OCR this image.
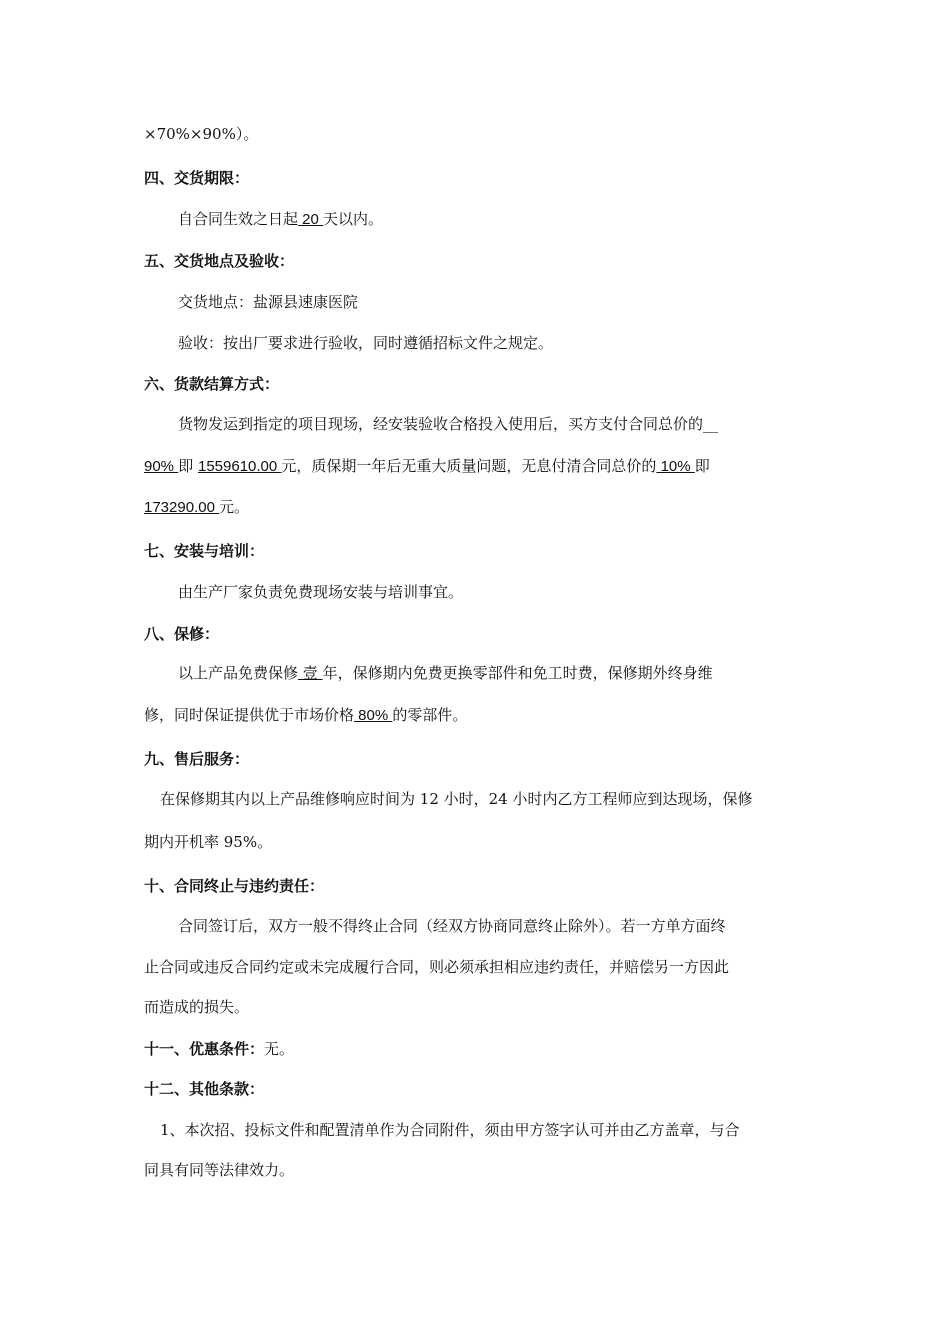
×70%×90%）。
四、交货期限：
自合同生效之日起 20 天以内。
五、交货地点及验收：
交货地点：盐源县速康医院
验收：按出厂要求进行验收，同时遵循招标文件之规定。
六、货款结算方式：
货物发运到指定的项目现场，经安装验收合格投入使用后，买方支付合同总价的__
90% 即 1559610.00 元，质保期一年后无重大质量问题，无息付清合同总价的 10% 即
173290.00 元。
七、安装与培训：
由生产厂家负责免费现场安装与培训事宜。
八、保修：
以上产品免费保修 壹 年，保修期内免费更换零部件和免工时费，保修期外终身维
修，同时保证提供优于市场价格 80% 的零部件。
九、售后服务：
在保修期其内以上产品维修响应时间为 12 小时，24 小时内乙方工程师应到达现场，保修
期内开机率 95%。
十、合同终止与违约责任：
合同签订后，双方一般不得终止合同（经双方协商同意终止除外）。若一方单方面终
止合同或违反合同约定或未完成履行合同，则必须承担相应违约责任，并赔偿另一方因此
而造成的损失。
十一、优惠条件：无。
十二、其他条款：
1、本次招、投标文件和配置清单作为合同附件，须由甲方签字认可并由乙方盖章，与合
同具有同等法律效力。
